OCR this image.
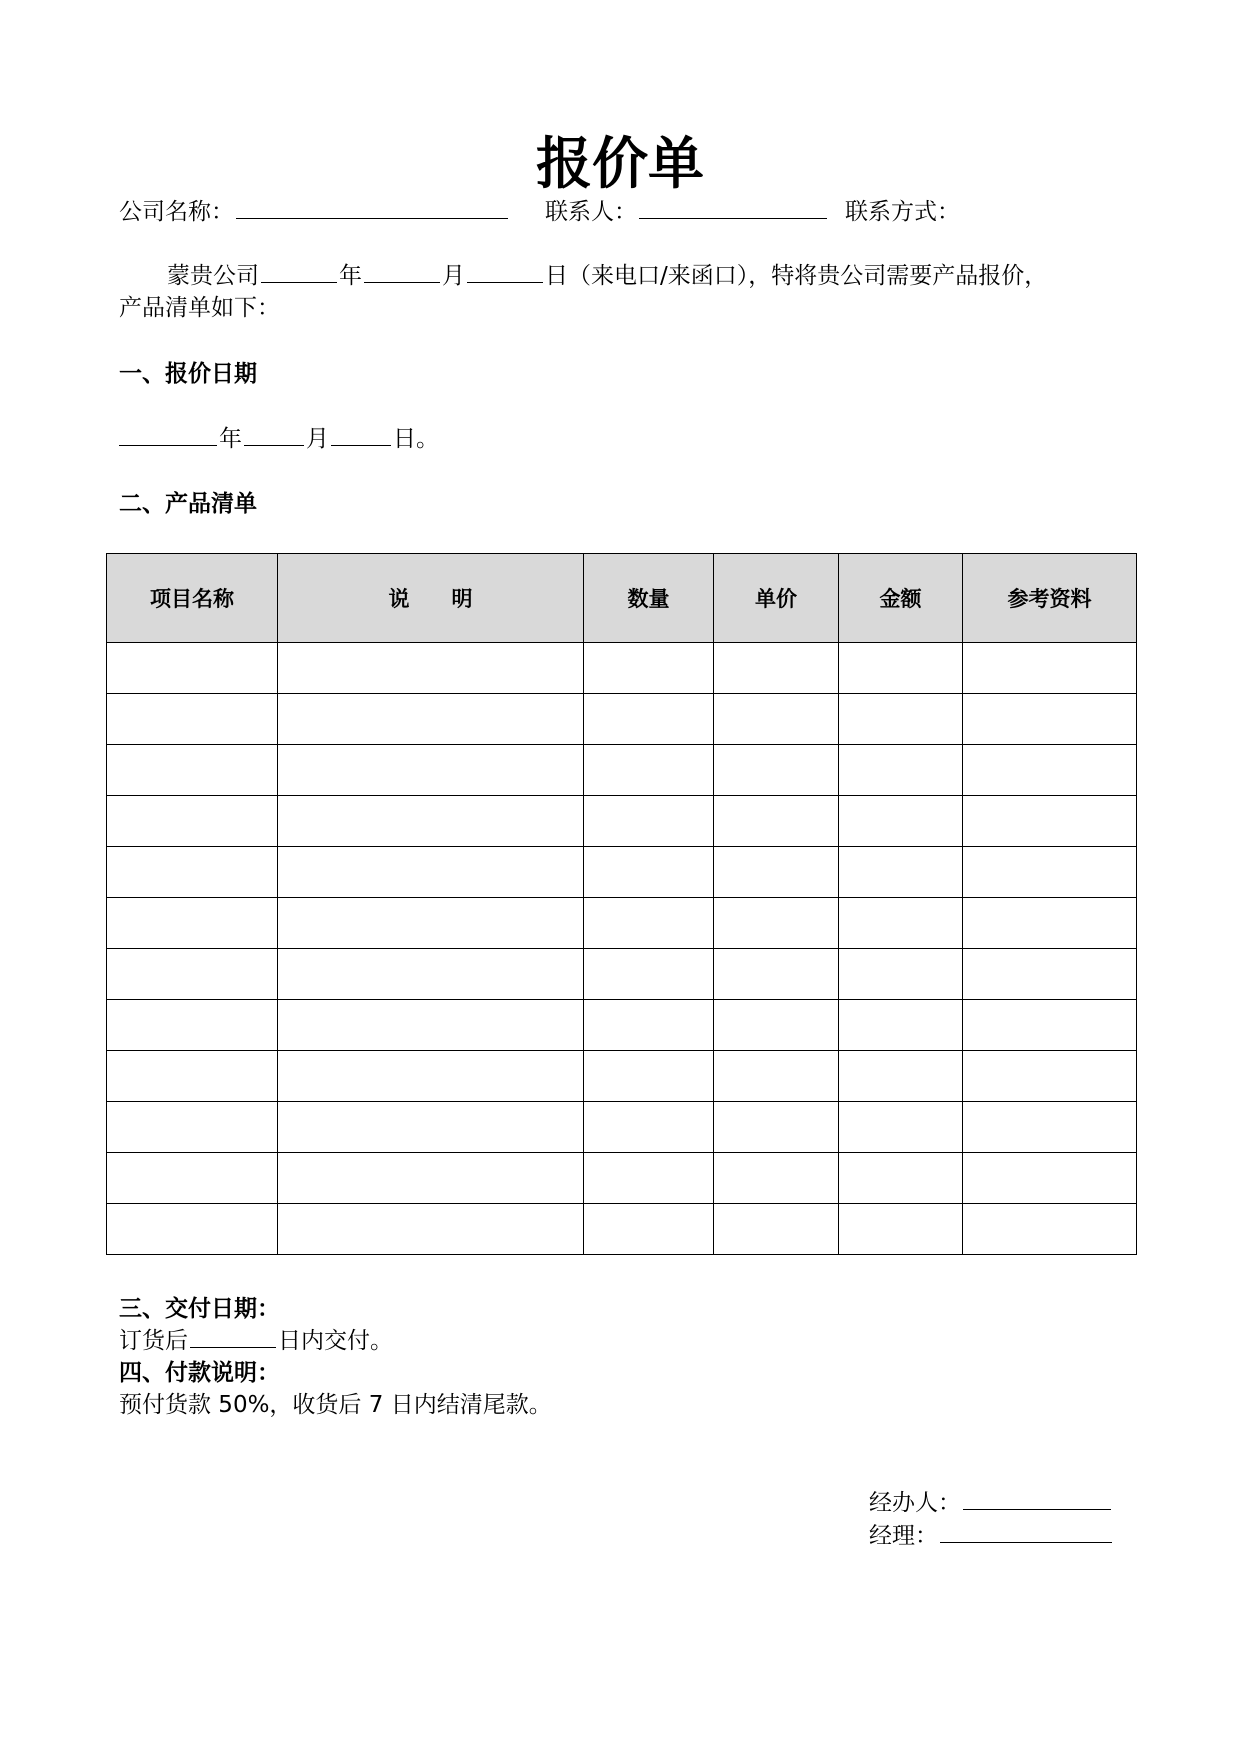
报价单
公司名称：	联系人：	联系方式：
蒙贵公司	年	月	日（来电口/来函口），特将贵公司需要产品报价，
产品清单如下：
一、报价日期
年	月	日。
二、产品清单
项目名称	说　　明	数量	单价	金额	参考资料

三、交付日期：
订货后	日内交付。
四、付款说明：
预付货款 50%，收货后 7 日内结清尾款。
经办人：
经理：
